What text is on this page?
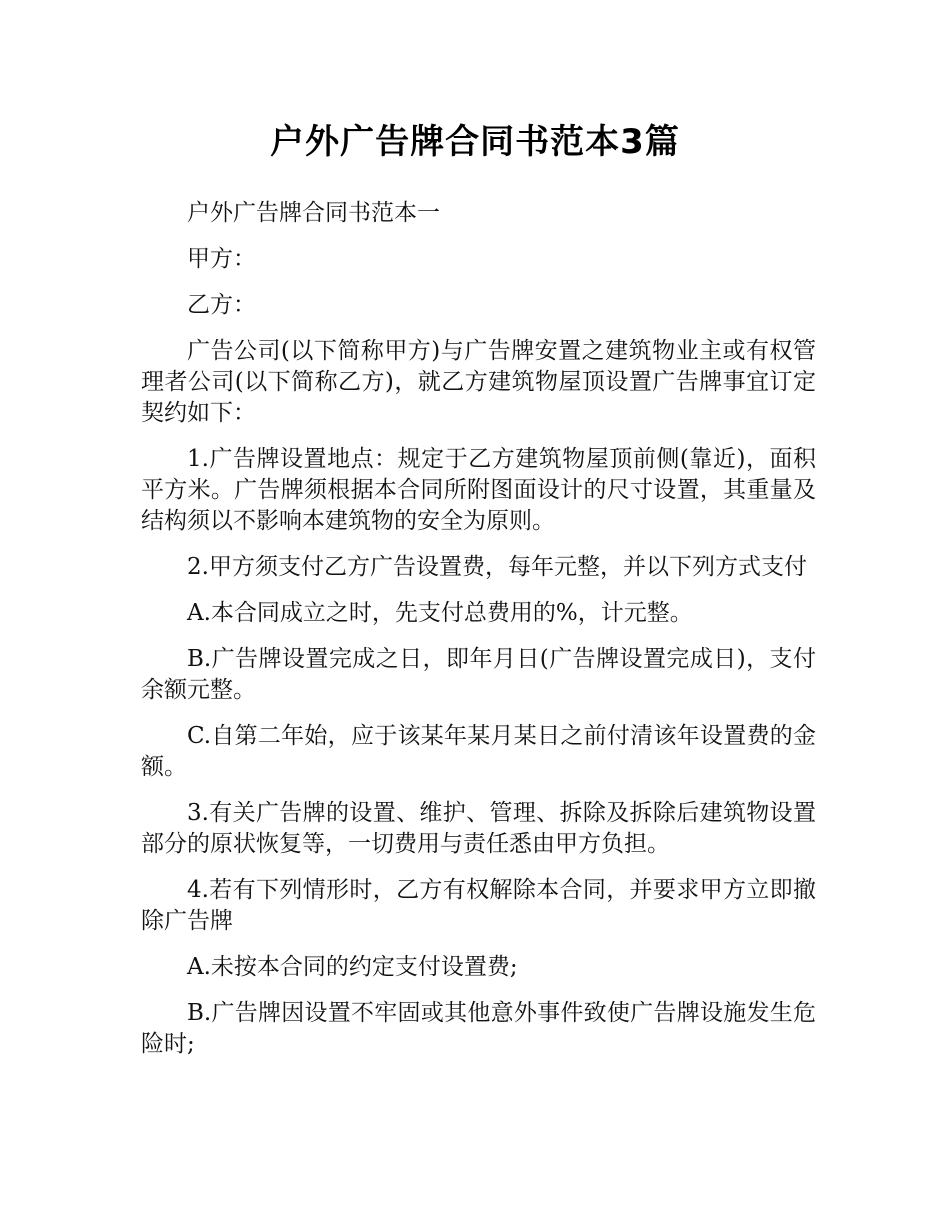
户外广告牌合同书范本3篇

户外广告牌合同书范本一

甲方：

乙方：

广告公司(以下简称甲方)与广告牌安置之建筑物业主或有权管理者公司(以下简称乙方)，就乙方建筑物屋顶设置广告牌事宜订定契约如下：

1.广告牌设置地点：规定于乙方建筑物屋顶前侧(靠近)，面积平方米。广告牌须根据本合同所附图面设计的尺寸设置，其重量及结构须以不影响本建筑物的安全为原则。

2.甲方须支付乙方广告设置费，每年元整，并以下列方式支付

A.本合同成立之时，先支付总费用的%，计元整。

B.广告牌设置完成之日，即年月日(广告牌设置完成日)，支付余额元整。

C.自第二年始，应于该某年某月某日之前付清该年设置费的金额。

3.有关广告牌的设置、维护、管理、拆除及拆除后建筑物设置部分的原状恢复等，一切费用与责任悉由甲方负担。

4.若有下列情形时，乙方有权解除本合同，并要求甲方立即撤除广告牌

A.未按本合同的约定支付设置费;

B.广告牌因设置不牢固或其他意外事件致使广告牌设施发生危险时;
